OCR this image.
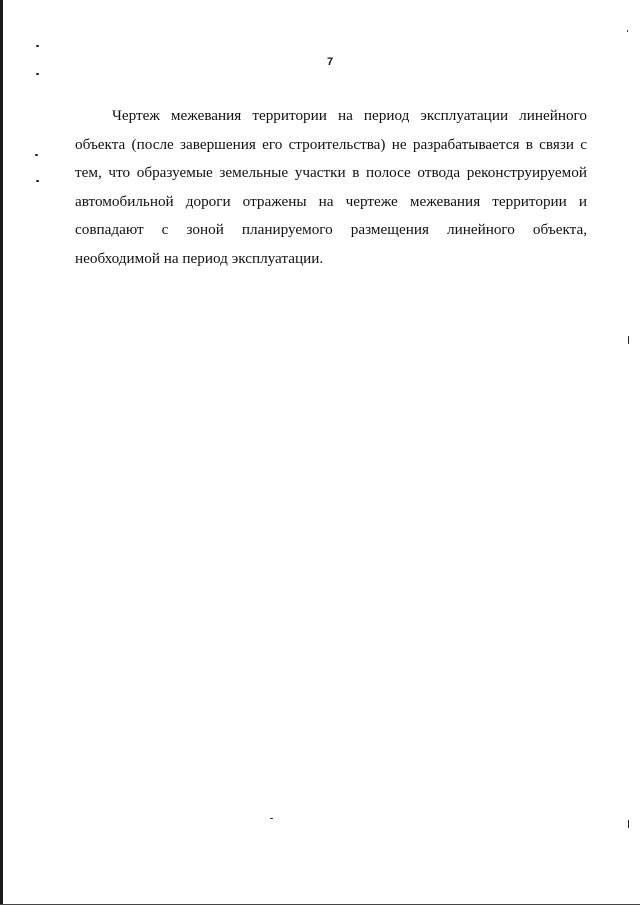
7

Чертеж межевания территории на период эксплуатации линейного объекта (после завершения его строительства) не разрабатывается в связи с тем, что образуемые земельные участки в полосе отвода реконструируемой автомобильной дороги отражены на чертеже межевания территории и совпадают с зоной планируемого размещения линейного объекта, необходимой на период эксплуатации.
